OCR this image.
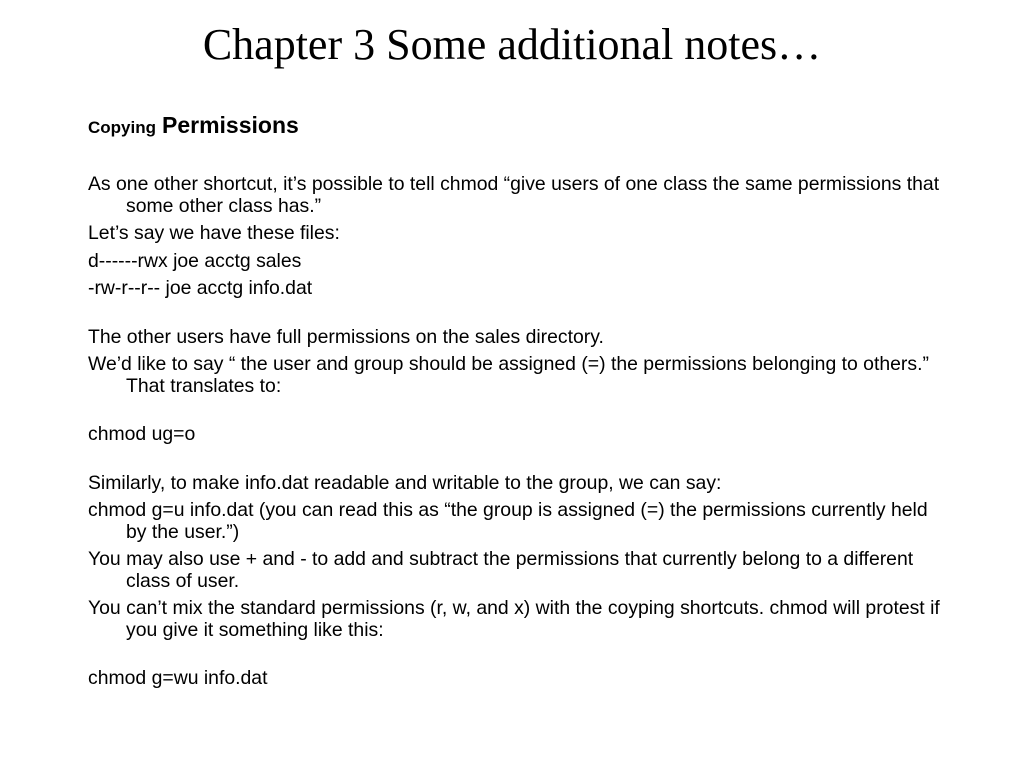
Chapter 3 Some additional notes…
Copying Permissions

As one other shortcut, it’s possible to tell chmod “give users of one class the same permissions that some other class has.”

Let’s say we have these files:

d------rwx joe acctg sales

-rw-r--r-- joe acctg info.dat

The other users have full permissions on the sales directory.

We’d like to say “ the user and group should be assigned (=) the permissions belonging to others.” That translates to:

chmod ug=o

Similarly, to make info.dat readable and writable to the group, we can say:

chmod g=u info.dat (you can read this as “the group is assigned (=) the permissions currently held by the user.”)

You may also use + and - to add and subtract the permissions that currently belong to a different class of user.

You can’t mix the standard permissions (r, w, and x) with the coyping shortcuts. chmod will protest if you give it something like this:

chmod g=wu info.dat
